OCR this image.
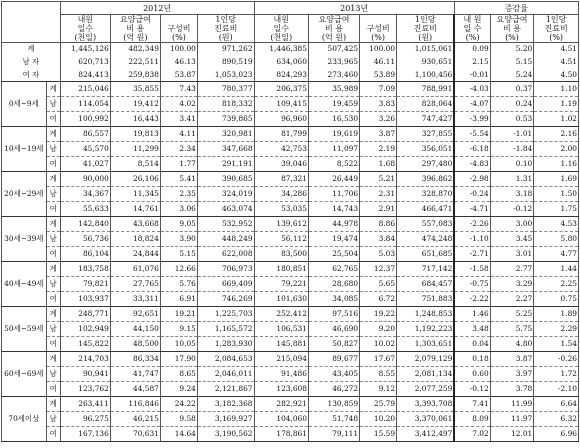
		2012년				2013년				증감율		
		내원	요양급여		1인당	내원	요양급여		1인당	내 원	요양급여	1인당
		일수	비 용	구성비	진료비	일수	비 용	구성비	진료비	일 수	비 용	진료비
		(천일)	(억 원)	(%)	(원)	(천일)	(억 원)	(%)	(원)	(%)	(%)	(%)
계		1,445,126	482,349	100.00	971,262	1,446,385	507,425	100.00	1,015,061	0.09	5.20	4.51
남 자		620,713	222,511	46.13	890,519	634,060	233,965	46.11	930,651	2.15	5.15	4.51
여 자		824,413	259,838	53.87	1,053,023	824,293	273,460	53.89	1,100,456	-0.01	5.24	4.50
0세~9세	계	215,046	35,855	7.43	780,377	206,375	35,989	7.09	788,991	-4.03	0.37	1.10
	남	114,054	19,412	4.02	818,332	109,415	19,459	3.83	828,064	-4.07	0.24	1.19
	여	100,992	16,443	3.41	739,865	96,960	16,530	3.26	747,427	-3.99	0.53	1.02
10세~19세	계	86,557	19,813	4.11	320,981	81,799	19,619	3.87	327,855	-5.54	-1.01	2.16
	남	45,570	11,299	2.34	347,668	42,753	11,097	2.19	356,051	-6.18	-1.84	2.00
	여	41,027	8,514	1.77	291,191	39,046	8,522	1.68	297,480	-4.83	0.10	1.16
20세~29세	계	90,000	26,106	5.41	390,685	87,321	26,449	5.21	396,862	-2.98	1.31	1.69
	남	34,367	11,345	2.35	324,019	34,286	11,706	2.31	328,870	-0.24	3.18	1.50
	여	55,633	14,761	3.06	463,074	53,035	14,743	2.91	466,471	-4.71	-0.12	1.75
30세~39세	계	142,840	43,668	9.05	532,952	139,612	44,978	8.86	557,083	-2.26	3.00	4.53
	남	56,736	18,824	3.90	448,249	56,112	19,474	3.84	474,248	-1.10	3.45	5.80
	여	86,104	24,844	5.15	622,008	83,500	25,504	5.03	651,685	-2.71	3.01	4.77
40세~49세	계	183,758	61,076	12.66	706,973	180,851	62,765	12.37	717,142	-1.58	2.77	1.44
	남	79,821	27,765	5.76	669,409	79,221	28,680	5.65	684,457	-0.75	3.29	2.25
	여	103,937	33,311	6.91	746,269	101,630	34,085	6.72	751,883	-2.22	2.27	0.75
50세~59세	계	248,771	92,651	19.21	1,225,703	252,412	97,516	19.22	1,248,853	1.46	5.25	1.89
	남	102,949	44,150	9.15	1,165,572	106,531	46,690	9.20	1,192,223	3.48	5.75	2.29
	여	145,822	48,500	10.05	1,283,930	145,881	50,827	10.02	1,303,651	0.04	4.80	1.54
60세~69세	계	214,703	86,334	17.90	2,084,653	215,094	89,677	17.67	2,079,129	0.18	3.87	-0.26
	남	90,941	41,747	8.65	2,046,011	91,486	43,405	8.55	2,081,134	0.60	3.97	1.72
	여	123,762	44,587	9.24	2,121,867	123,608	46,272	9.12	2,077,259	-0.12	3.78	-2.10
70세이상	계	263,411	116,846	24.22	3,182,368	282,921	130,859	25.79	3,393,708	7.41	11.99	6.64
	남	96,275	46,215	9.58	3,169,927	104,060	51,748	10.20	3,370,061	8.09	11.97	6.32
	여	167,136	70,631	14.64	3,190,562	178,861	79,111	15.59	3,412,497	7.02	12.01	6.96
